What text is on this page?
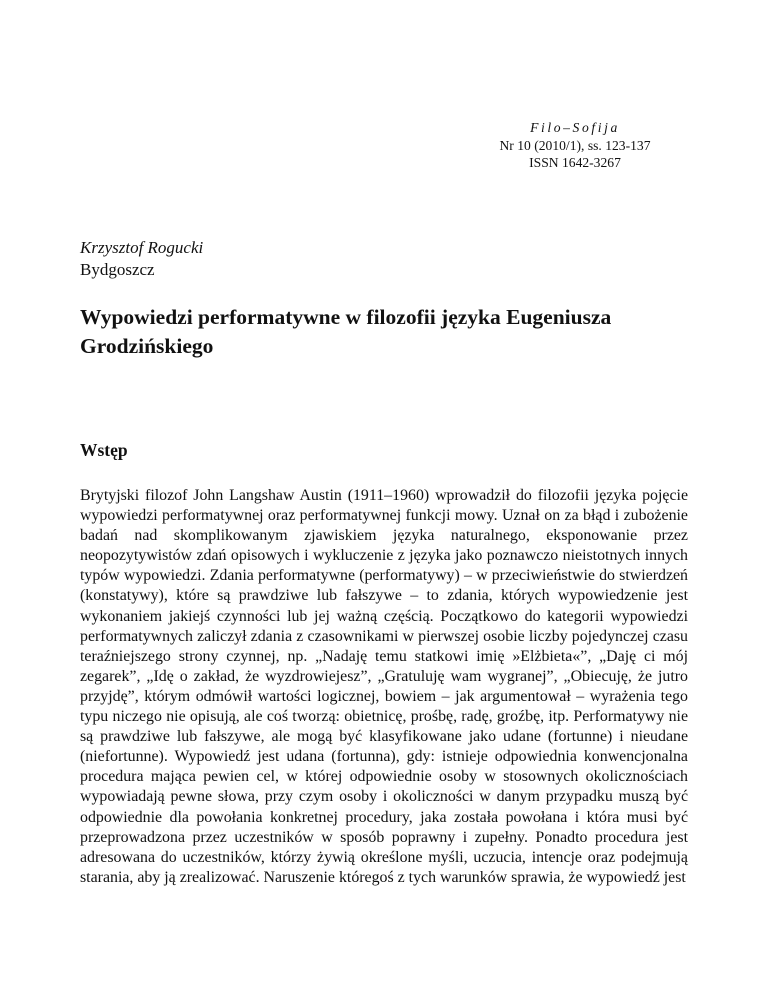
Filo–Sofija
Nr 10 (2010/1), ss. 123-137
ISSN 1642-3267
Krzysztof Rogucki
Bydgoszcz
Wypowiedzi performatywne w filozofii języka Eugeniusza Grodzińskiego
Wstęp

Brytyjski filozof John Langshaw Austin (1911–1960) wprowadził do filozofii języka pojęcie wypowiedzi performatywnej oraz performatywnej funkcji mowy. Uznał on za błąd i zubożenie badań nad skomplikowanym zjawiskiem języka naturalnego, eksponowanie przez neopozytywistów zdań opisowych i wykluczenie z języka jako poznawczo nieistotnych innych typów wypowiedzi. Zdania performatywne (performatywy) – w przeciwieństwie do stwierdzeń (konstatywy), które są prawdziwe lub fałszywe – to zdania, których wypowiedzenie jest wykonaniem jakiejś czynności lub jej ważną częścią. Początkowo do kategorii wypowiedzi performatywnych zaliczył zdania z czasownikami w pierwszej osobie liczby pojedynczej czasu teraźniejszego strony czynnej, np. „Nadaję temu statkowi imię »Elżbieta«”, „Daję ci mój zegarek”, „Idę o zakład, że wyzdrowiejesz”, „Gratuluję wam wygranej”, „Obiecuję, że jutro przyjdę”, którym odmówił wartości logicznej, bowiem – jak argumentował – wyrażenia tego typu niczego nie opisują, ale coś tworzą: obietnicę, prośbę, radę, groźbę, itp. Performatywy nie są prawdziwe lub fałszywe, ale mogą być klasyfikowane jako udane (fortunne) i nieudane (niefortunne). Wypowiedź jest udana (fortunna), gdy: istnieje odpowiednia konwencjonalna procedura mająca pewien cel, w której odpowiednie osoby w stosownych okolicznościach wypowiadają pewne słowa, przy czym osoby i okoliczności w danym przypadku muszą być odpowiednie dla powołania konkretnej procedury, jaka została powołana i która musi być przeprowadzona przez uczestników w sposób poprawny i zupełny. Ponadto procedura jest adresowana do uczestników, którzy żywią określone myśli, uczucia, intencje oraz podejmują starania, aby ją zrealizować. Naruszenie któregoś z tych warunków sprawia, że wypowiedź jest
